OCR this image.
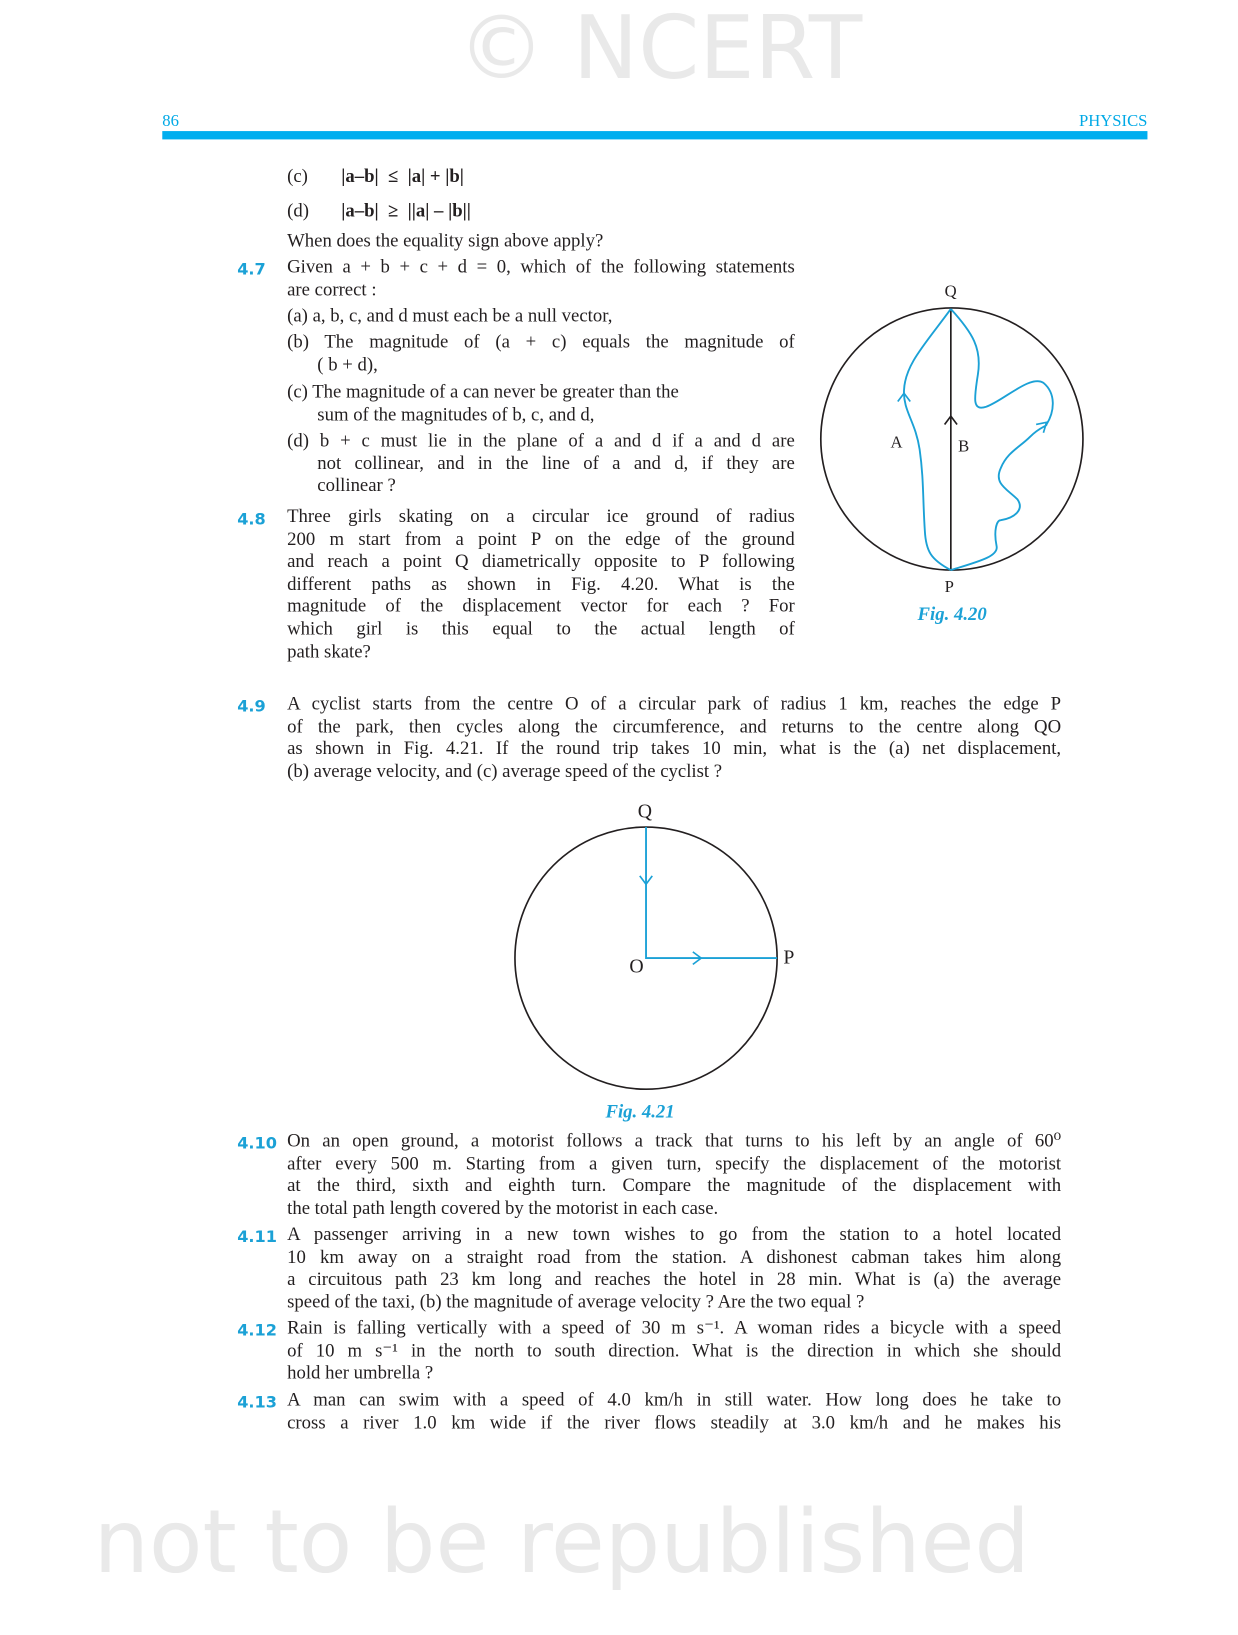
© NCERT
not to be republished
86	PHYSICS
(c) |a–b|  ≤  |a| + |b|
(d) |a–b|  ≥  ||a| – |b||
When does the equality sign above apply?
4.7 Given a + b + c + d = 0, which of the following statements
are correct :
(a) a, b, c, and d must each be a null vector,
(b) The magnitude of (a + c) equals the magnitude of
( b + d),
(c) The magnitude of a can never be greater than the
sum of the magnitudes of b, c, and d,
(d) b + c must lie in the plane of a and d if a and d are
not collinear, and in the line of a and d, if they are
collinear ?
4.8 Three girls skating on a circular ice ground of radius
200 m start from a point P on the edge of the ground
and reach a point Q diametrically opposite to P following
different paths as shown in Fig. 4.20. What is the
magnitude of the displacement vector for each ? For
which girl is this equal to the actual length of
path skate?
Q
P
A	B
Fig. 4.20
4.9 A cyclist starts from the centre O of a circular park of radius 1 km, reaches the edge P
of the park, then cycles along the circumference, and returns to the centre along QO
as shown in Fig. 4.21. If the round trip takes 10 min, what is the (a) net displacement,
(b) average velocity, and (c) average speed of the cyclist ?
Q
O	P
Fig. 4.21
4.10 On an open ground, a motorist follows a track that turns to his left by an angle of 60⁰
after every 500 m. Starting from a given turn, specify the displacement of the motorist
at the third, sixth and eighth turn. Compare the magnitude of the displacement with
the total path length covered by the motorist in each case.
4.11 A passenger arriving in a new town wishes to go from the station to a hotel located
10 km away on a straight road from the station. A dishonest cabman takes him along
a circuitous path 23 km long and reaches the hotel in 28 min. What is (a) the average
speed of the taxi, (b) the magnitude of average velocity ? Are the two equal ?
4.12 Rain is falling vertically with a speed of 30 m s⁻¹. A woman rides a bicycle with a speed
of 10 m s⁻¹ in the north to south direction. What is the direction in which she should
hold her umbrella ?
4.13 A man can swim with a speed of 4.0 km/h in still water. How long does he take to
cross a river 1.0 km wide if the river flows steadily at 3.0 km/h and he makes his
